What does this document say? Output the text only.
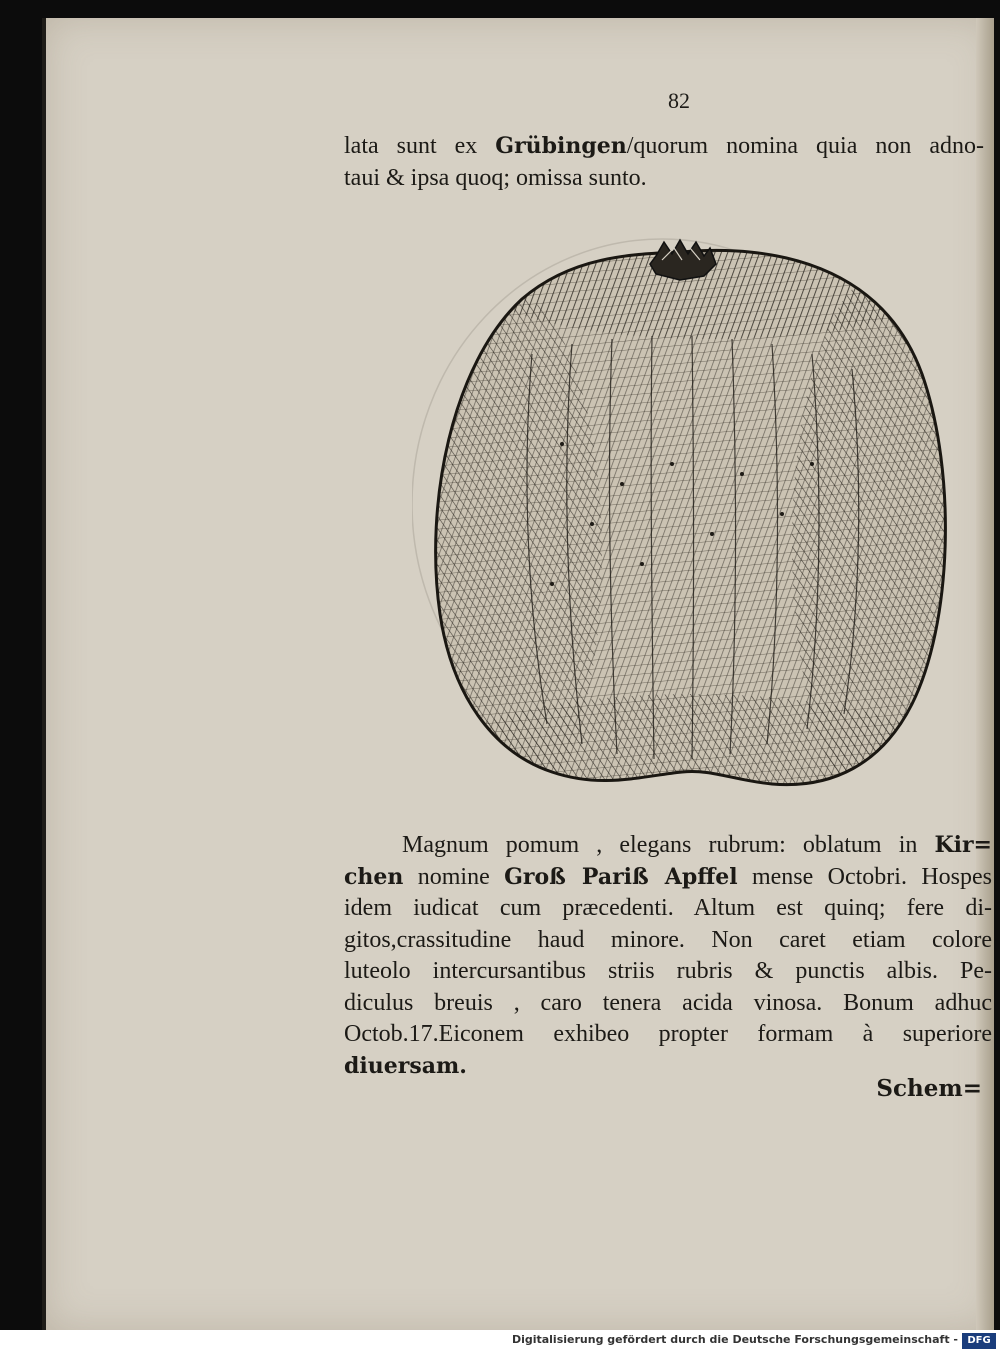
82
lata sunt ex Grübingen/quorum nomina quia non adno-
taui & ipsa quoq; omissa sunto.
Magnum pomum , elegans rubrum: oblatum in Kir=
chen nomine Groß Pariß Apffel mense Octobri. Hospes
idem iudicat cum præcedenti. Altum est quinq; fere di-
gitos,crassitudine haud minore. Non caret etiam colore
luteolo intercursantibus striis rubris & punctis albis. Pe-
diculus breuis , caro tenera acida vinosa. Bonum adhuc
Octob.17.Eiconem exhibeo propter formam à superiore
diuersam.
Schem=
Digitalisierung gefördert durch die Deutsche Forschungsgemeinschaft - DFG
